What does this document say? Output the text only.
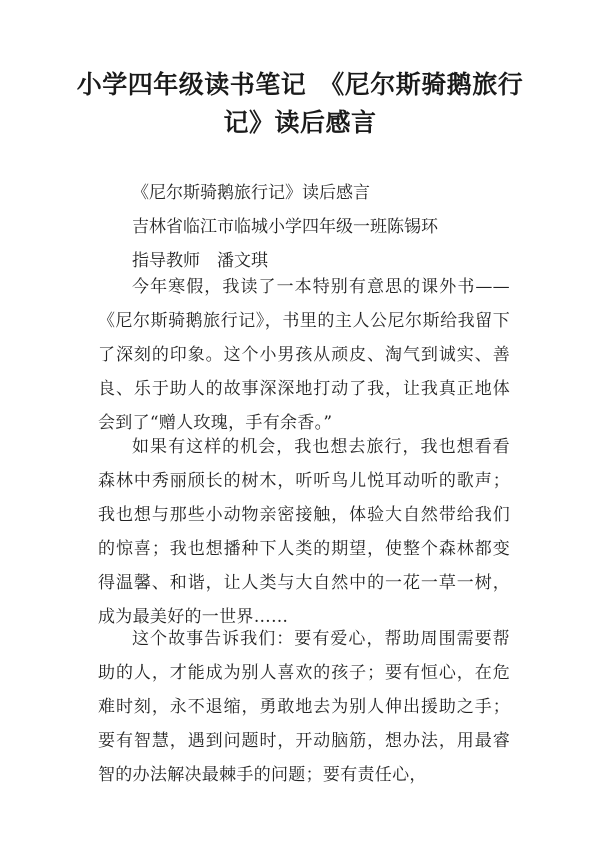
小学四年级读书笔记　《尼尔斯骑鹅旅行记》读后感言

《尼尔斯骑鹅旅行记》读后感言

吉林省临江市临城小学四年级一班陈锡环

指导教师　潘文琪

今年寒假，我读了一本特别有意思的课外书——《尼尔斯骑鹅旅行记》，书里的主人公尼尔斯给我留下了深刻的印象。这个小男孩从顽皮、淘气到诚实、善良、乐于助人的故事深深地打动了我，让我真正地体会到了“赠人玫瑰，手有余香。”

如果有这样的机会，我也想去旅行，我也想看看森林中秀丽颀长的树木，听听鸟儿悦耳动听的歌声；我也想与那些小动物亲密接触，体验大自然带给我们的惊喜；我也想播种下人类的期望，使整个森林都变得温馨、和谐，让人类与大自然中的一花一草一树，成为最美好的一世界……

这个故事告诉我们：要有爱心，帮助周围需要帮助的人，才能成为别人喜欢的孩子；要有恒心，在危难时刻，永不退缩，勇敢地去为别人伸出援助之手；要有智慧，遇到问题时，开动脑筋，想办法，用最睿智的办法解决最棘手的问题；要有责任心，
